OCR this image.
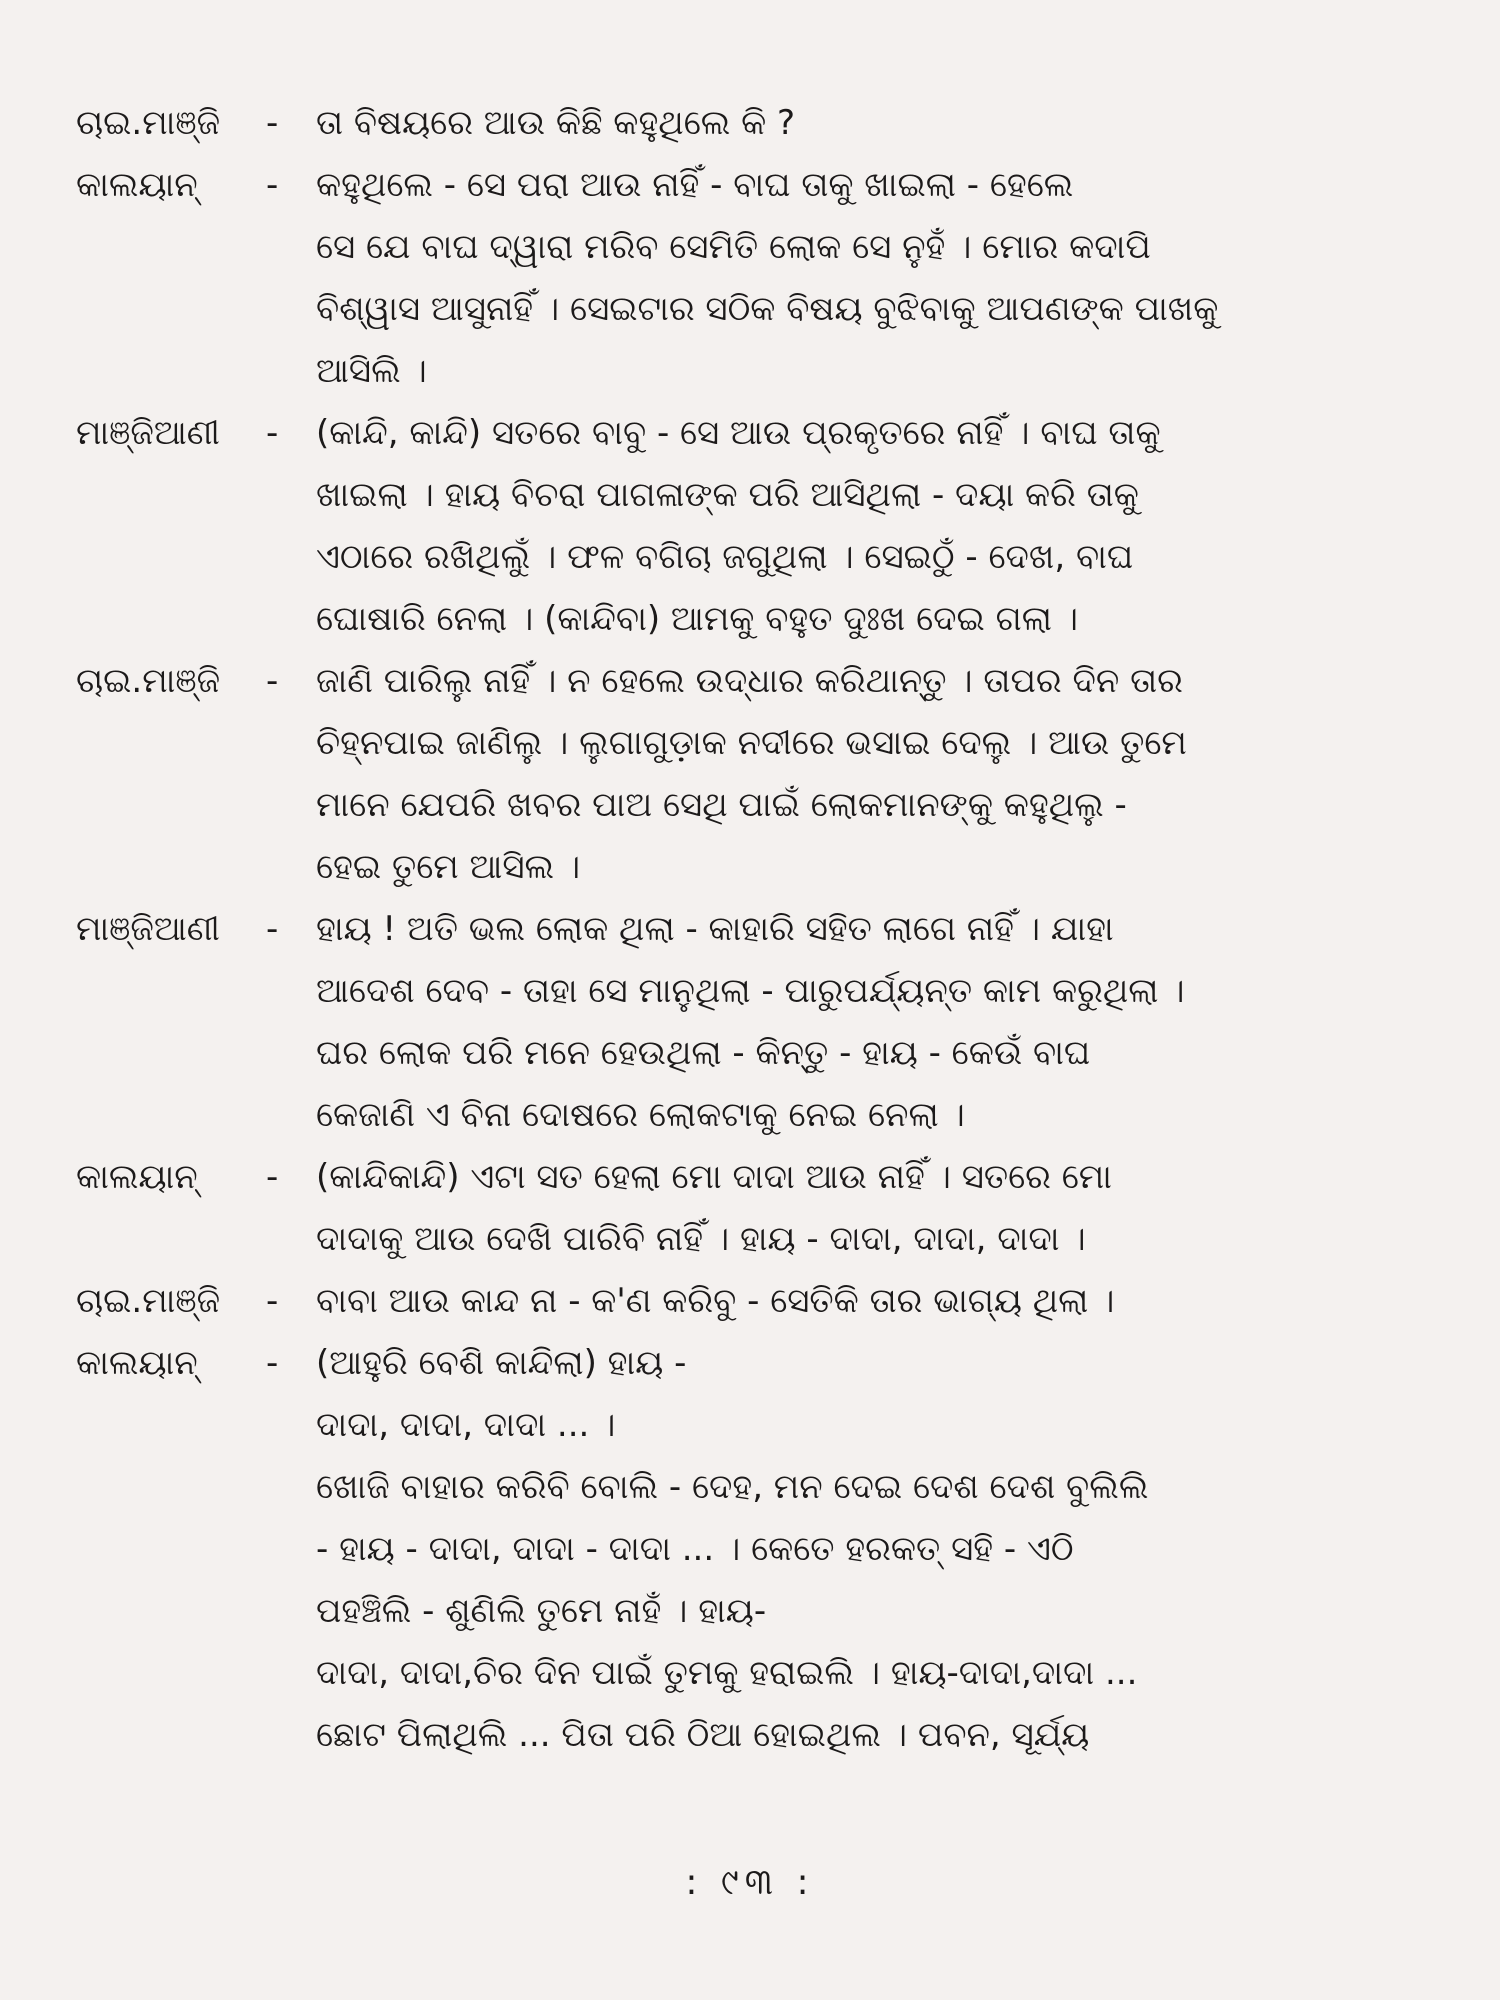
ଚାଇ.ମାଞ୍ଜି	-	ତା ବିଷୟରେ ଆଉ କିଛି କହୁଥିଲେ କି ?
କାଲୟାନ୍	-	କହୁଥିଲେ - ସେ ପରା ଆଉ ନାହିଁ - ବାଘ ତାକୁ ଖାଇଲା - ହେଲେ
ସେ ଯେ ବାଘ ଦ୍ୱାରା ମରିବ ସେମିତି ଲୋକ ସେ ନୁହଁ । ମୋର କଦାପି
ବିଶ୍ୱାସ ଆସୁନାହିଁ । ସେଇଟାର ସଠିକ ବିଷୟ ବୁଝିବାକୁ ଆପଣଙ୍କ ପାଖକୁ
ଆସିଲି ।
ମାଞ୍ଜିଆଣୀ	-	(କାନ୍ଦି, କାନ୍ଦି) ସତରେ ବାବୁ - ସେ ଆଉ ପ୍ରକୃତରେ ନାହିଁ । ବାଘ ତାକୁ
ଖାଇଲା । ହାୟ ବିଚରା ପାଗଳାଙ୍କ ପରି ଆସିଥିଲା - ଦୟା କରି ତାକୁ
ଏଠାରେ ରଖିଥିଲୁଁ । ଫଳ ବଗିଚା ଜଗୁଥିଲା । ସେଇଠୁଁ - ଦେଖ, ବାଘ
ଘୋଷାରି ନେଲା । (କାନ୍ଦିବା) ଆମକୁ ବହୁତ ଦୁଃଖ ଦେଇ ଗଲା ।
ଚାଇ.ମାଞ୍ଜି	-	ଜାଣି ପାରିଲୁ ନାହିଁ । ନ ହେଲେ ଉଦ୍ଧାର କରିଥାନ୍ତୁ । ତାପର ଦିନ ତାର
ଚିହ୍ନପାଇ ଜାଣିଲୁ । ଲୁଗାଗୁଡ଼ାକ ନଦୀରେ ଭସାଇ ଦେଲୁ । ଆଉ ତୁମେ
ମାନେ ଯେପରି ଖବର ପାଅ ସେଥି ପାଇଁ ଲୋକମାନଙ୍କୁ କହୁଥିଲୁ -
ହେଇ ତୁମେ ଆସିଲ ।
ମାଞ୍ଜିଆଣୀ	-	ହାୟ ! ଅତି ଭଲ ଲୋକ ଥିଲା - କାହାରି ସହିତ ଲାଗେ ନାହିଁ । ଯାହା
ଆଦେଶ ଦେବ - ତାହା ସେ ମାନୁଥିଲା - ପାରୁପର୍ଯ୍ୟନ୍ତ କାମ କରୁଥିଲା ।
ଘର ଲୋକ ପରି ମନେ ହେଉଥିଲା - କିନ୍ତୁ - ହାୟ - କେଉଁ ବାଘ
କେଜାଣି ଏ ବିନା ଦୋଷରେ ଲୋକଟାକୁ ନେଇ ନେଲା ।
କାଲୟାନ୍	-	(କାନ୍ଦିକାନ୍ଦି) ଏଟା ସତ ହେଲା ମୋ ଦାଦା ଆଉ ନାହିଁ । ସତରେ ମୋ
ଦାଦାକୁ ଆଉ ଦେଖି ପାରିବି ନାହିଁ । ହାୟ - ଦାଦା, ଦାଦା, ଦାଦା ।
ଚାଇ.ମାଞ୍ଜି	-	ବାବା ଆଉ କାନ୍ଦ ନା - କ'ଣ କରିବୁ - ସେତିକି ତାର ଭାଗ୍ୟ ଥିଲା ।
କାଲୟାନ୍	-	(ଆହୁରି ବେଶି କାନ୍ଦିଲା) ହାୟ -
ଦାଦା, ଦାଦା, ଦାଦା ... ।
ଖୋଜି ବାହାର କରିବି ବୋଲି - ଦେହ, ମନ ଦେଇ ଦେଶ ଦେଶ ବୁଲିଲି
- ହାୟ - ଦାଦା, ଦାଦା - ଦାଦା ... । କେତେ ହରକତ୍ ସହି - ଏଠି
ପହଞ୍ଚିଲି - ଶୁଣିଲି ତୁମେ ନାହଁ । ହାୟ-
ଦାଦା, ଦାଦା,ଚିର ଦିନ ପାଇଁ ତୁମକୁ ହରାଇଲି । ହାୟ-ଦାଦା,ଦାଦା ...
ଛୋଟ ପିଲାଥିଲି ... ପିତା ପରି ଠିଆ ହୋଇଥିଲ । ପବନ, ସୂର୍ଯ୍ୟ
: ୯୩ :
